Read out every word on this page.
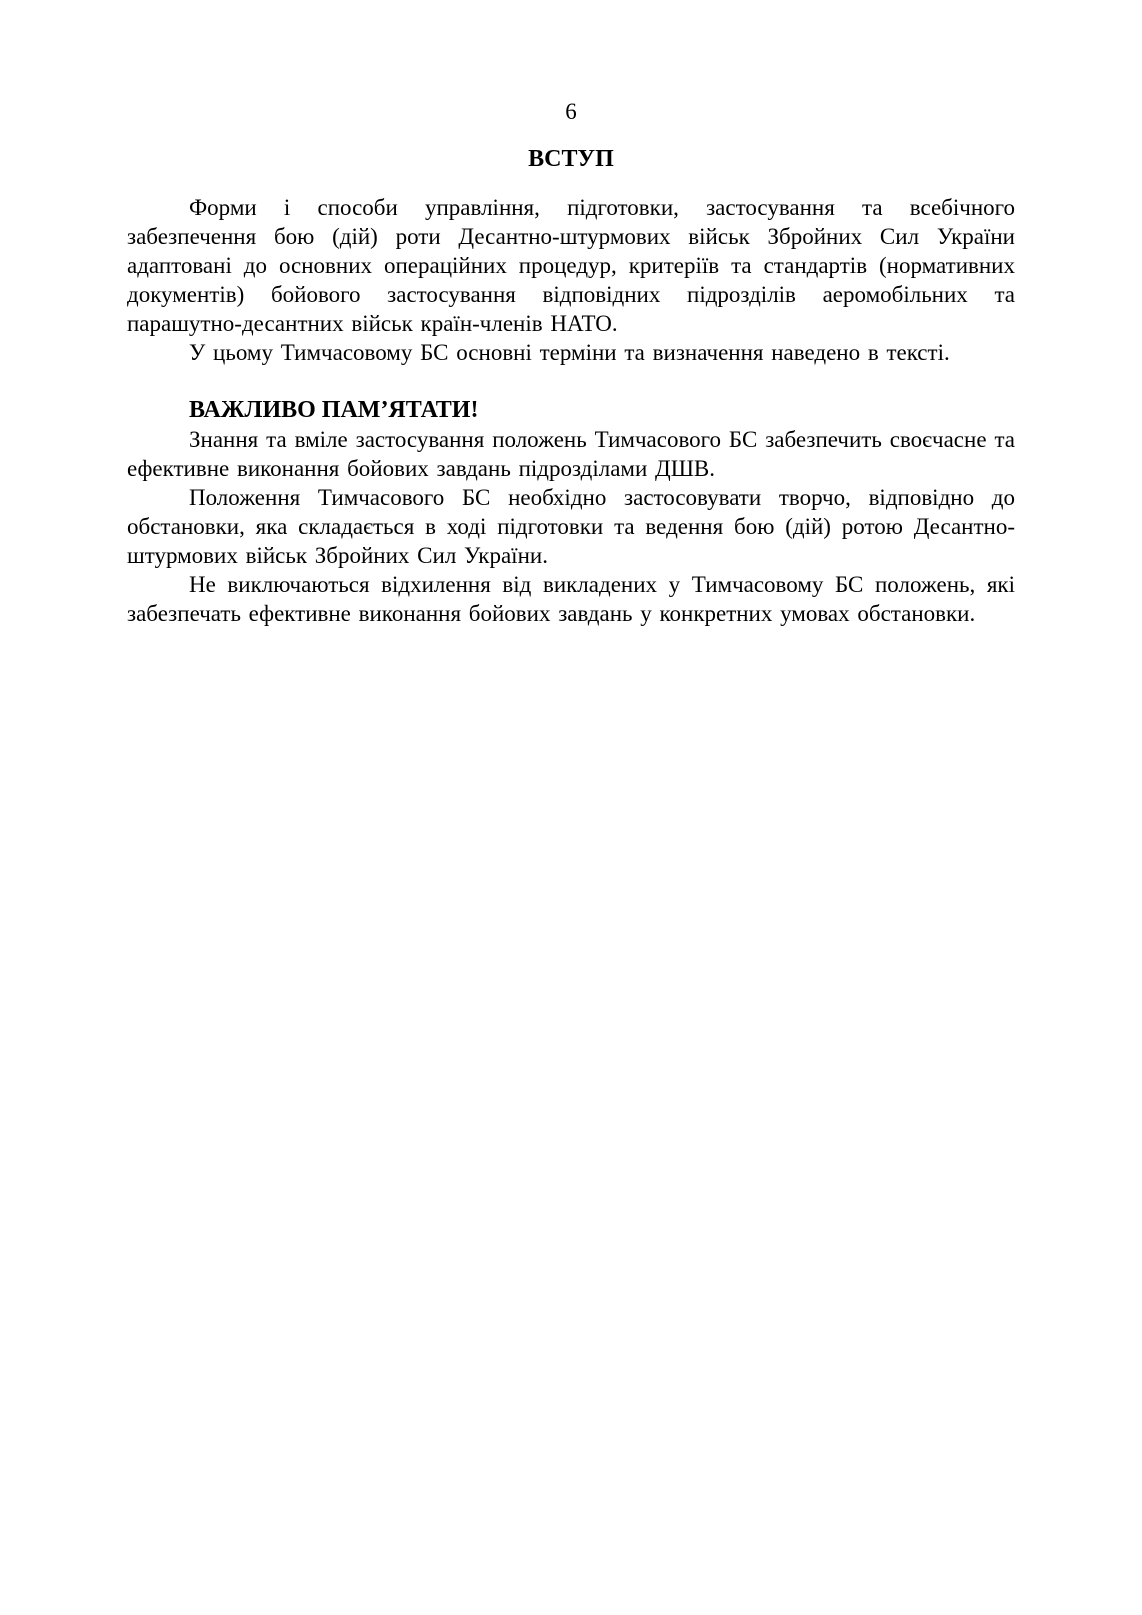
6
ВСТУП

Форми і способи управління, підготовки, застосування та всебічного забезпечення бою (дій) роти Десантно-штурмових військ Збройних Сил України адаптовані до основних операційних процедур, критеріїв та стандартів (нормативних документів) бойового застосування відповідних підрозділів аеромобільних та парашутно-десантних військ країн-членів НАТО.

У цьому Тимчасовому БС основні терміни та визначення наведено в тексті.

ВАЖЛИВО ПАМ’ЯТАТИ!

Знання та вміле застосування положень Тимчасового БС забезпечить своєчасне та ефективне виконання бойових завдань підрозділами ДШВ.

Положення Тимчасового БС необхідно застосовувати творчо, відповідно до обстановки, яка складається в ході підготовки та ведення бою (дій) ротою Десантно-штурмових військ Збройних Сил України.

Не виключаються відхилення від викладених у Тимчасовому БС положень, які забезпечать ефективне виконання бойових завдань у конкретних умовах обстановки.
